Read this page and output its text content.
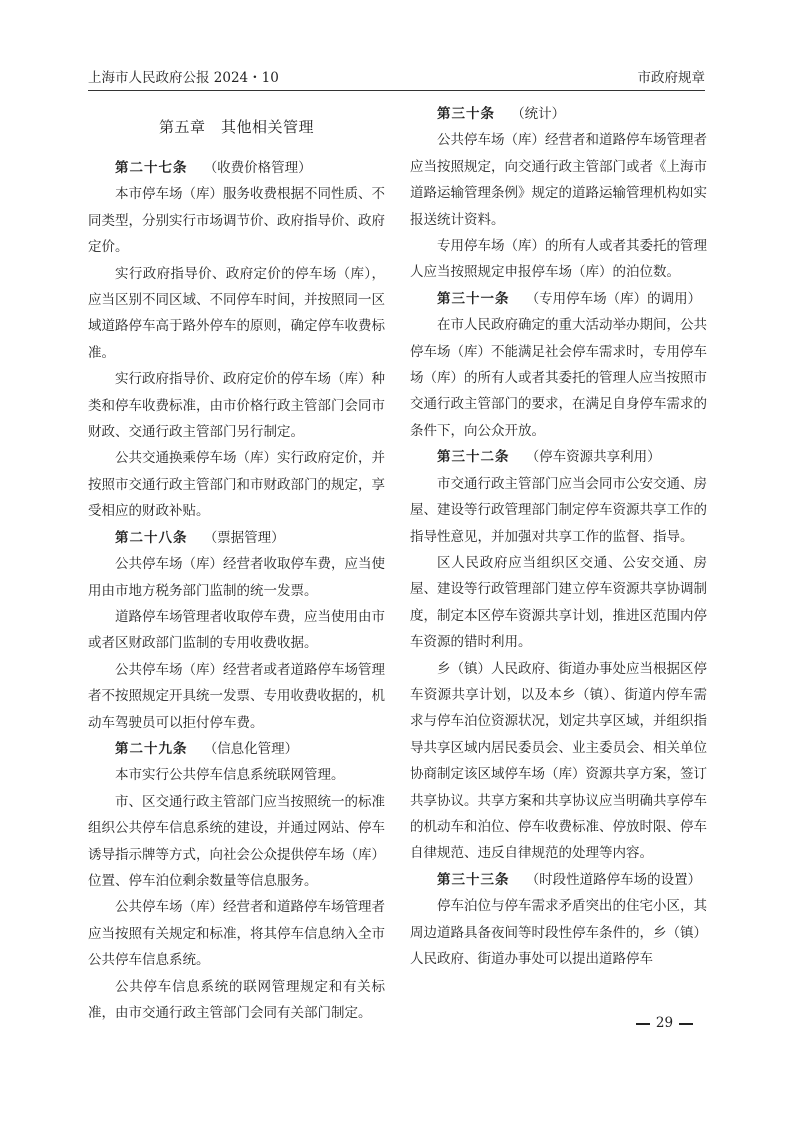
上海市人民政府公报 2024・10	市政府规章
第五章　其他相关管理

第二十七条 （收费价格管理）

本市停车场（库）服务收费根据不同性质、不同类型，分别实行市场调节价、政府指导价、政府定价。

实行政府指导价、政府定价的停车场（库），应当区别不同区域、不同停车时间，并按照同一区域道路停车高于路外停车的原则，确定停车收费标准。

实行政府指导价、政府定价的停车场（库）种类和停车收费标准，由市价格行政主管部门会同市财政、交通行政主管部门另行制定。

公共交通换乘停车场（库）实行政府定价，并按照市交通行政主管部门和市财政部门的规定，享受相应的财政补贴。

第二十八条 （票据管理）

公共停车场（库）经营者收取停车费，应当使用由市地方税务部门监制的统一发票。

道路停车场管理者收取停车费，应当使用由市或者区财政部门监制的专用收费收据。

公共停车场（库）经营者或者道路停车场管理者不按照规定开具统一发票、专用收费收据的，机动车驾驶员可以拒付停车费。

第二十九条 （信息化管理）

本市实行公共停车信息系统联网管理。

市、区交通行政主管部门应当按照统一的标准组织公共停车信息系统的建设，并通过网站、停车诱导指示牌等方式，向社会公众提供停车场（库）位置、停车泊位剩余数量等信息服务。

公共停车场（库）经营者和道路停车场管理者应当按照有关规定和标准，将其停车信息纳入全市公共停车信息系统。

公共停车信息系统的联网管理规定和有关标准，由市交通行政主管部门会同有关部门制定。

第三十条 （统计）

公共停车场（库）经营者和道路停车场管理者应当按照规定，向交通行政主管部门或者《上海市道路运输管理条例》规定的道路运输管理机构如实报送统计资料。

专用停车场（库）的所有人或者其委托的管理人应当按照规定申报停车场（库）的泊位数。

第三十一条 （专用停车场（库）的调用）

在市人民政府确定的重大活动举办期间，公共停车场（库）不能满足社会停车需求时，专用停车场（库）的所有人或者其委托的管理人应当按照市交通行政主管部门的要求，在满足自身停车需求的条件下，向公众开放。

第三十二条 （停车资源共享利用）

市交通行政主管部门应当会同市公安交通、房屋、建设等行政管理部门制定停车资源共享工作的指导性意见，并加强对共享工作的监督、指导。

区人民政府应当组织区交通、公安交通、房屋、建设等行政管理部门建立停车资源共享协调制度，制定本区停车资源共享计划，推进区范围内停车资源的错时利用。

乡（镇）人民政府、街道办事处应当根据区停车资源共享计划，以及本乡（镇）、街道内停车需求与停车泊位资源状况，划定共享区域，并组织指导共享区域内居民委员会、业主委员会、相关单位协商制定该区域停车场（库）资源共享方案，签订共享协议。共享方案和共享协议应当明确共享停车的机动车和泊位、停车收费标准、停放时限、停车自律规范、违反自律规范的处理等内容。

第三十三条 （时段性道路停车场的设置）

停车泊位与停车需求矛盾突出的住宅小区，其周边道路具备夜间等时段性停车条件的，乡（镇）人民政府、街道办事处可以提出道路停车

29
